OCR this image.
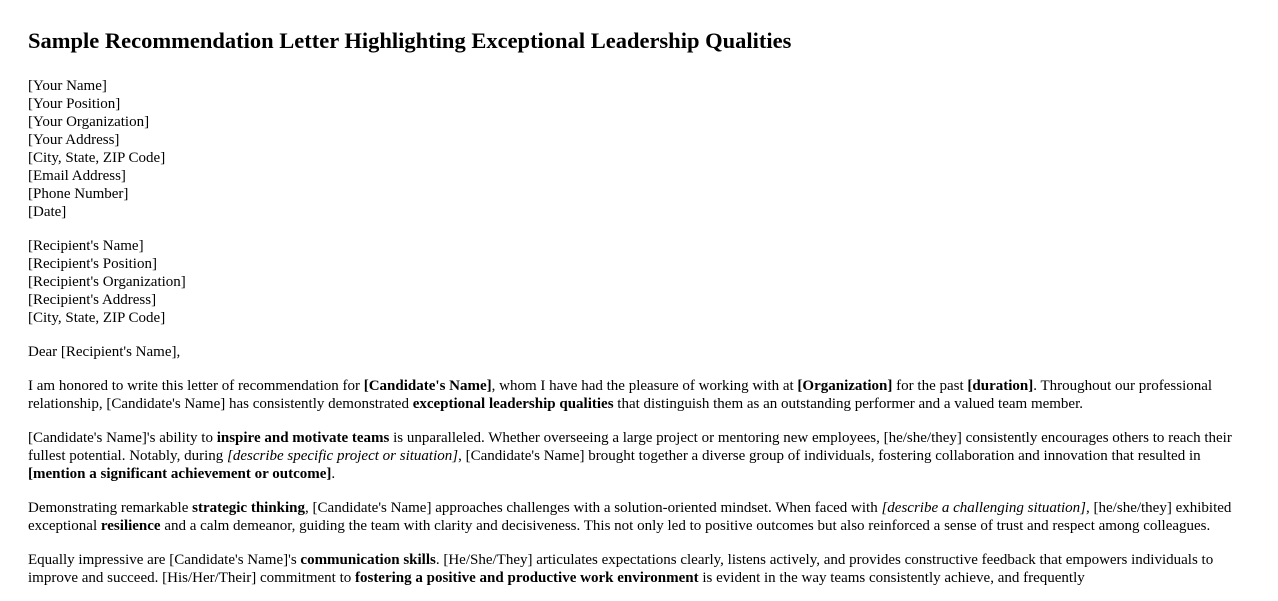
Sample Recommendation Letter Highlighting Exceptional Leadership Qualities
[Your Name]
[Your Position]
[Your Organization]
[Your Address]
[City, State, ZIP Code]
[Email Address]
[Phone Number]
[Date]
[Recipient's Name]
[Recipient's Position]
[Recipient's Organization]
[Recipient's Address]
[City, State, ZIP Code]

Dear [Recipient's Name],

I am honored to write this letter of recommendation for [Candidate's Name], whom I have had the pleasure of working with at [Organization] for the past [duration]. Throughout our professional relationship, [Candidate's Name] has consistently demonstrated exceptional leadership qualities that distinguish them as an outstanding performer and a valued team member.

[Candidate's Name]'s ability to inspire and motivate teams is unparalleled. Whether overseeing a large project or mentoring new employees, [he/she/they] consistently encourages others to reach their fullest potential. Notably, during [describe specific project or situation], [Candidate's Name] brought together a diverse group of individuals, fostering collaboration and innovation that resulted in [mention a significant achievement or outcome].

Demonstrating remarkable strategic thinking, [Candidate's Name] approaches challenges with a solution-oriented mindset. When faced with [describe a challenging situation], [he/she/they] exhibited exceptional resilience and a calm demeanor, guiding the team with clarity and decisiveness. This not only led to positive outcomes but also reinforced a sense of trust and respect among colleagues.

Equally impressive are [Candidate's Name]'s communication skills. [He/She/They] articulates expectations clearly, listens actively, and provides constructive feedback that empowers individuals to improve and succeed. [His/Her/Their] commitment to fostering a positive and productive work environment is evident in the way teams consistently achieve, and frequently
